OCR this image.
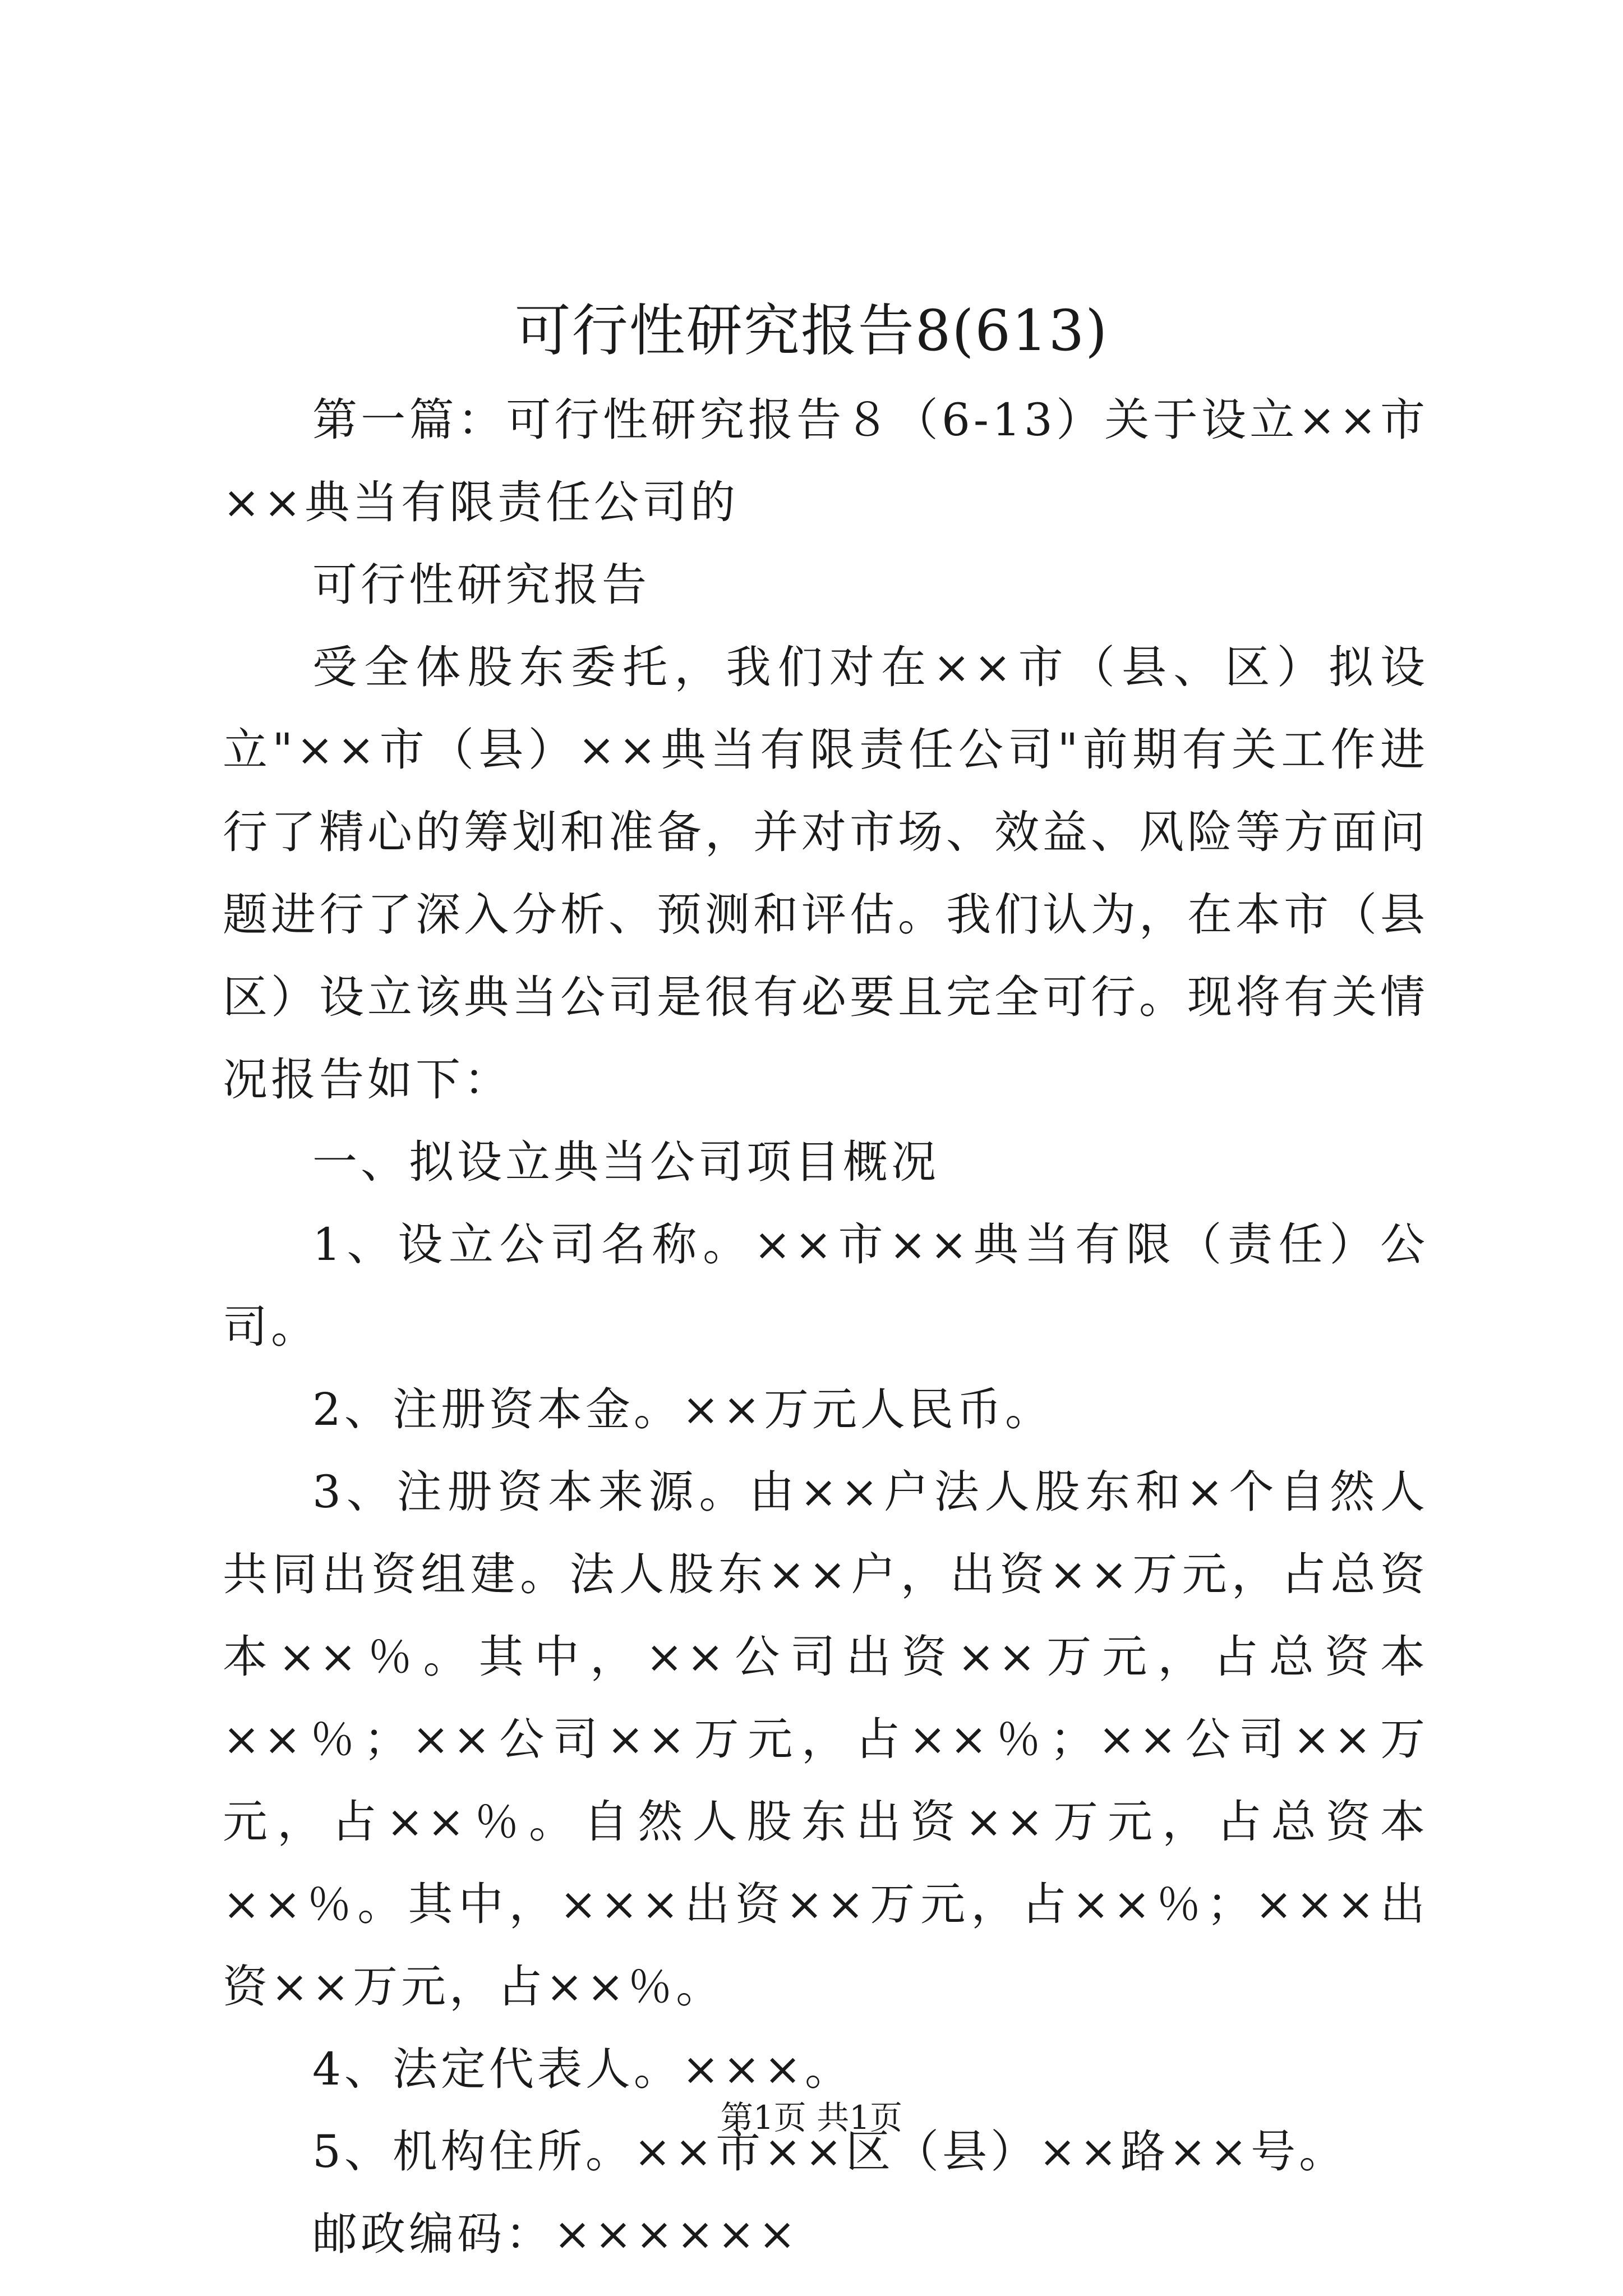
可行性研究报告8(613)

第一篇：可行性研究报告８（6-13）关于设立××市××典当有限责任公司的

可行性研究报告

受全体股东委托，我们对在××市（县、区）拟设立"××市（县）××典当有限责任公司"前期有关工作进行了精心的筹划和准备，并对市场、效益、风险等方面问题进行了深入分析、预测和评估。我们认为，在本市（县区）设立该典当公司是很有必要且完全可行。现将有关情况报告如下：

一、拟设立典当公司项目概况

1、设立公司名称。××市××典当有限（责任）公司。

2、注册资本金。××万元人民币。

3、注册资本来源。由××户法人股东和×个自然人共同出资组建。法人股东××户，出资××万元，占总资本××％。其中，××公司出资××万元，占总资本××％；××公司××万元，占××％；××公司××万元，占××％。自然人股东出资××万元，占总资本××％。其中，×××出资××万元，占××％；×××出资××万元，占××％。

4、法定代表人。×××。

5、机构住所。××市××区（县）××路××号。

邮政编码：××××××

第1页 共1页
